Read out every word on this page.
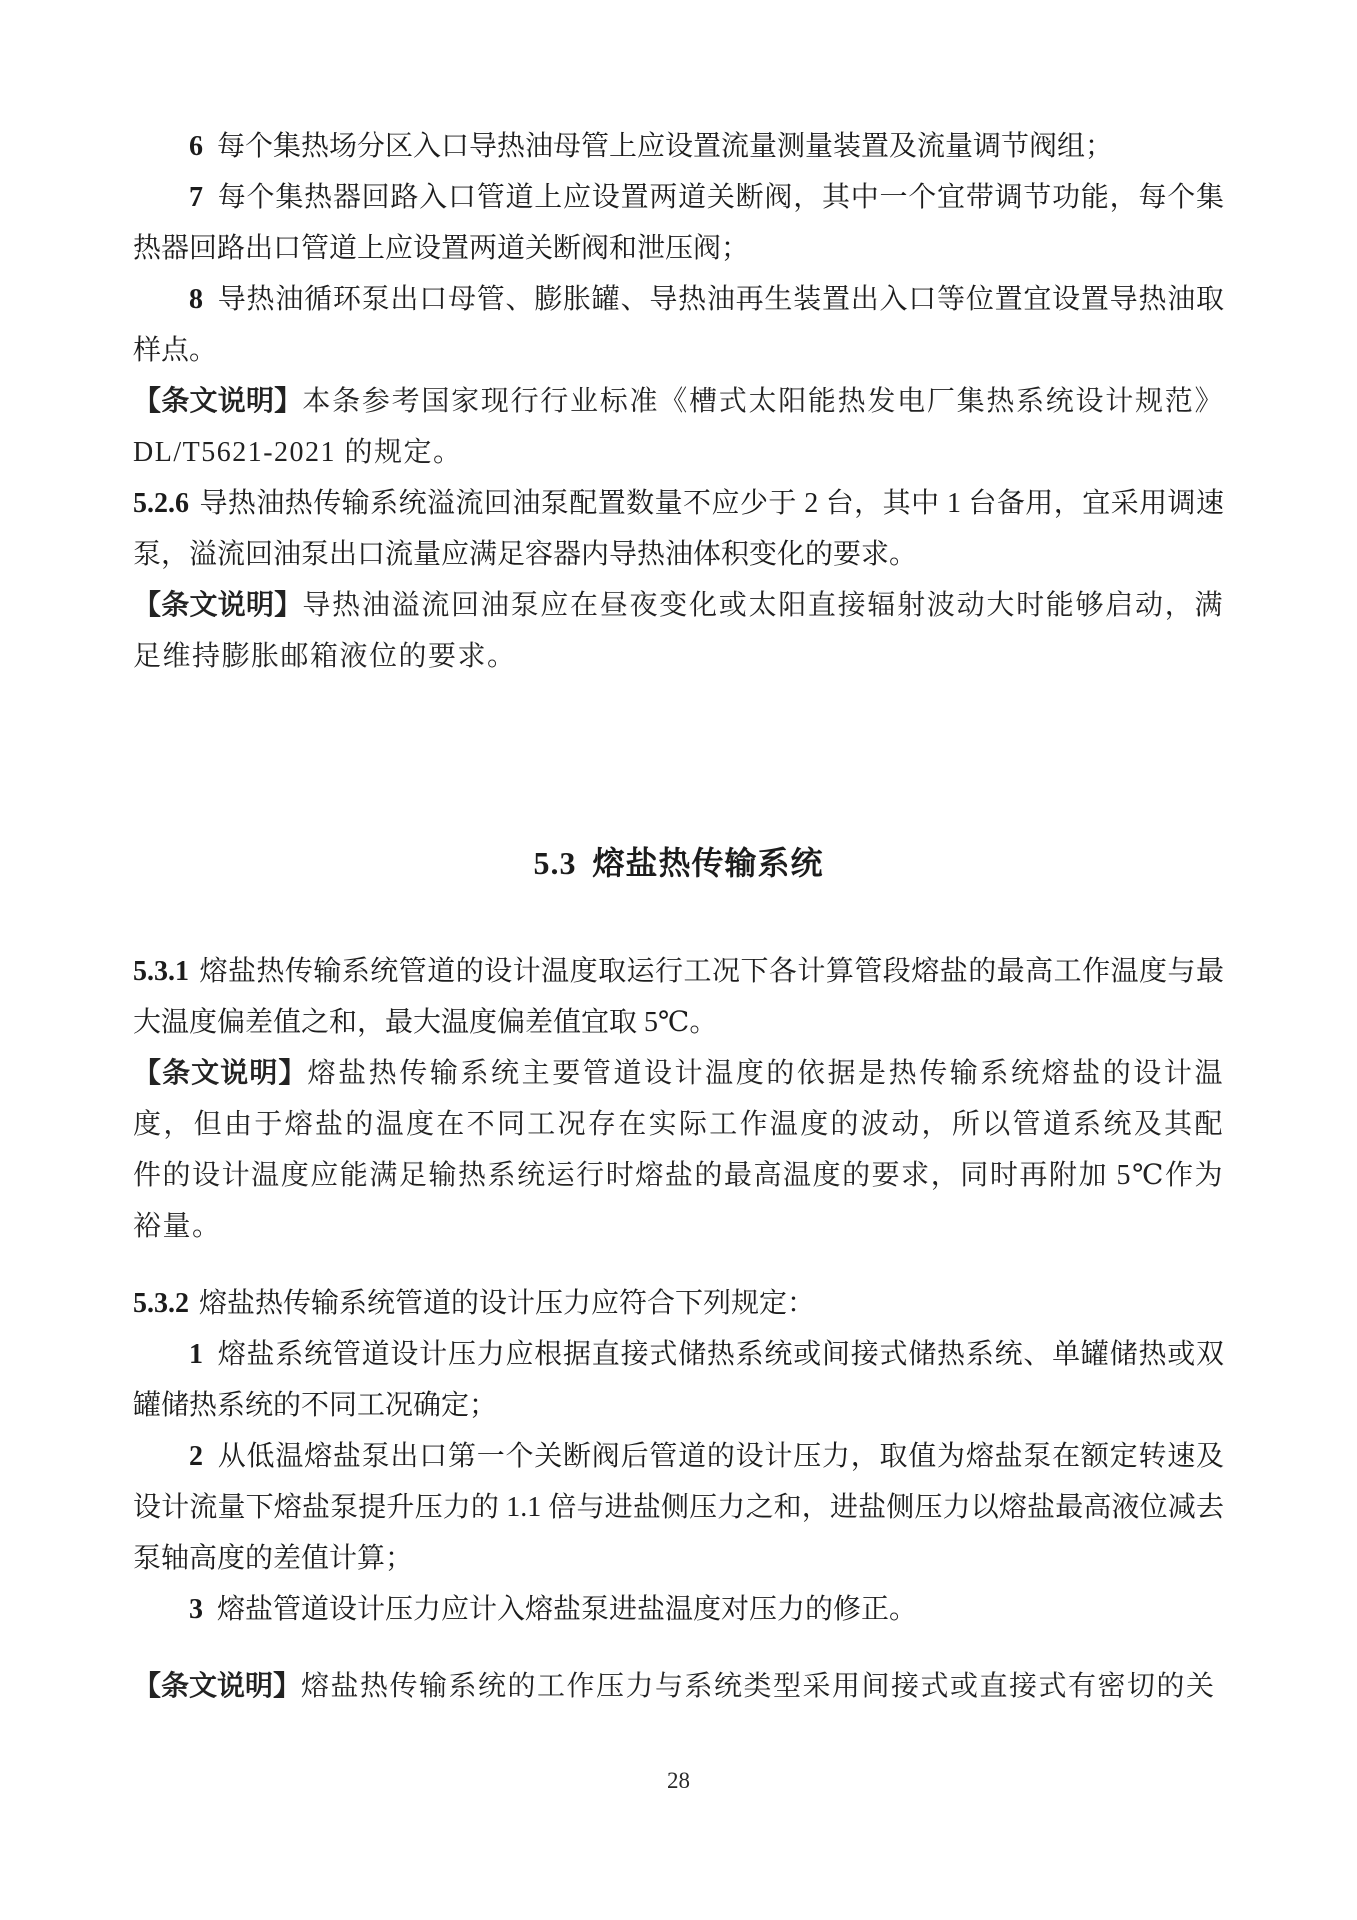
6 每个集热场分区入口导热油母管上应设置流量测量装置及流量调节阀组；

7 每个集热器回路入口管道上应设置两道关断阀，其中一个宜带调节功能，每个集热器回路出口管道上应设置两道关断阀和泄压阀；

8 导热油循环泵出口母管、膨胀罐、导热油再生装置出入口等位置宜设置导热油取样点。

【条文说明】本条参考国家现行行业标准《槽式太阳能热发电厂集热系统设计规范》DL/T5621-2021 的规定。

5.2.6 导热油热传输系统溢流回油泵配置数量不应少于 2 台，其中 1 台备用，宜采用调速泵，溢流回油泵出口流量应满足容器内导热油体积变化的要求。

【条文说明】导热油溢流回油泵应在昼夜变化或太阳直接辐射波动大时能够启动，满足维持膨胀邮箱液位的要求。

5.3 熔盐热传输系统

5.3.1 熔盐热传输系统管道的设计温度取运行工况下各计算管段熔盐的最高工作温度与最大温度偏差值之和，最大温度偏差值宜取 5℃。

【条文说明】熔盐热传输系统主要管道设计温度的依据是热传输系统熔盐的设计温度，但由于熔盐的温度在不同工况存在实际工作温度的波动，所以管道系统及其配件的设计温度应能满足输热系统运行时熔盐的最高温度的要求，同时再附加 5℃作为裕量。

5.3.2 熔盐热传输系统管道的设计压力应符合下列规定：

1 熔盐系统管道设计压力应根据直接式储热系统或间接式储热系统、单罐储热或双罐储热系统的不同工况确定；

2 从低温熔盐泵出口第一个关断阀后管道的设计压力，取值为熔盐泵在额定转速及设计流量下熔盐泵提升压力的 1.1 倍与进盐侧压力之和，进盐侧压力以熔盐最高液位减去泵轴高度的差值计算；

3 熔盐管道设计压力应计入熔盐泵进盐温度对压力的修正。

【条文说明】熔盐热传输系统的工作压力与系统类型采用间接式或直接式有密切的关

28
